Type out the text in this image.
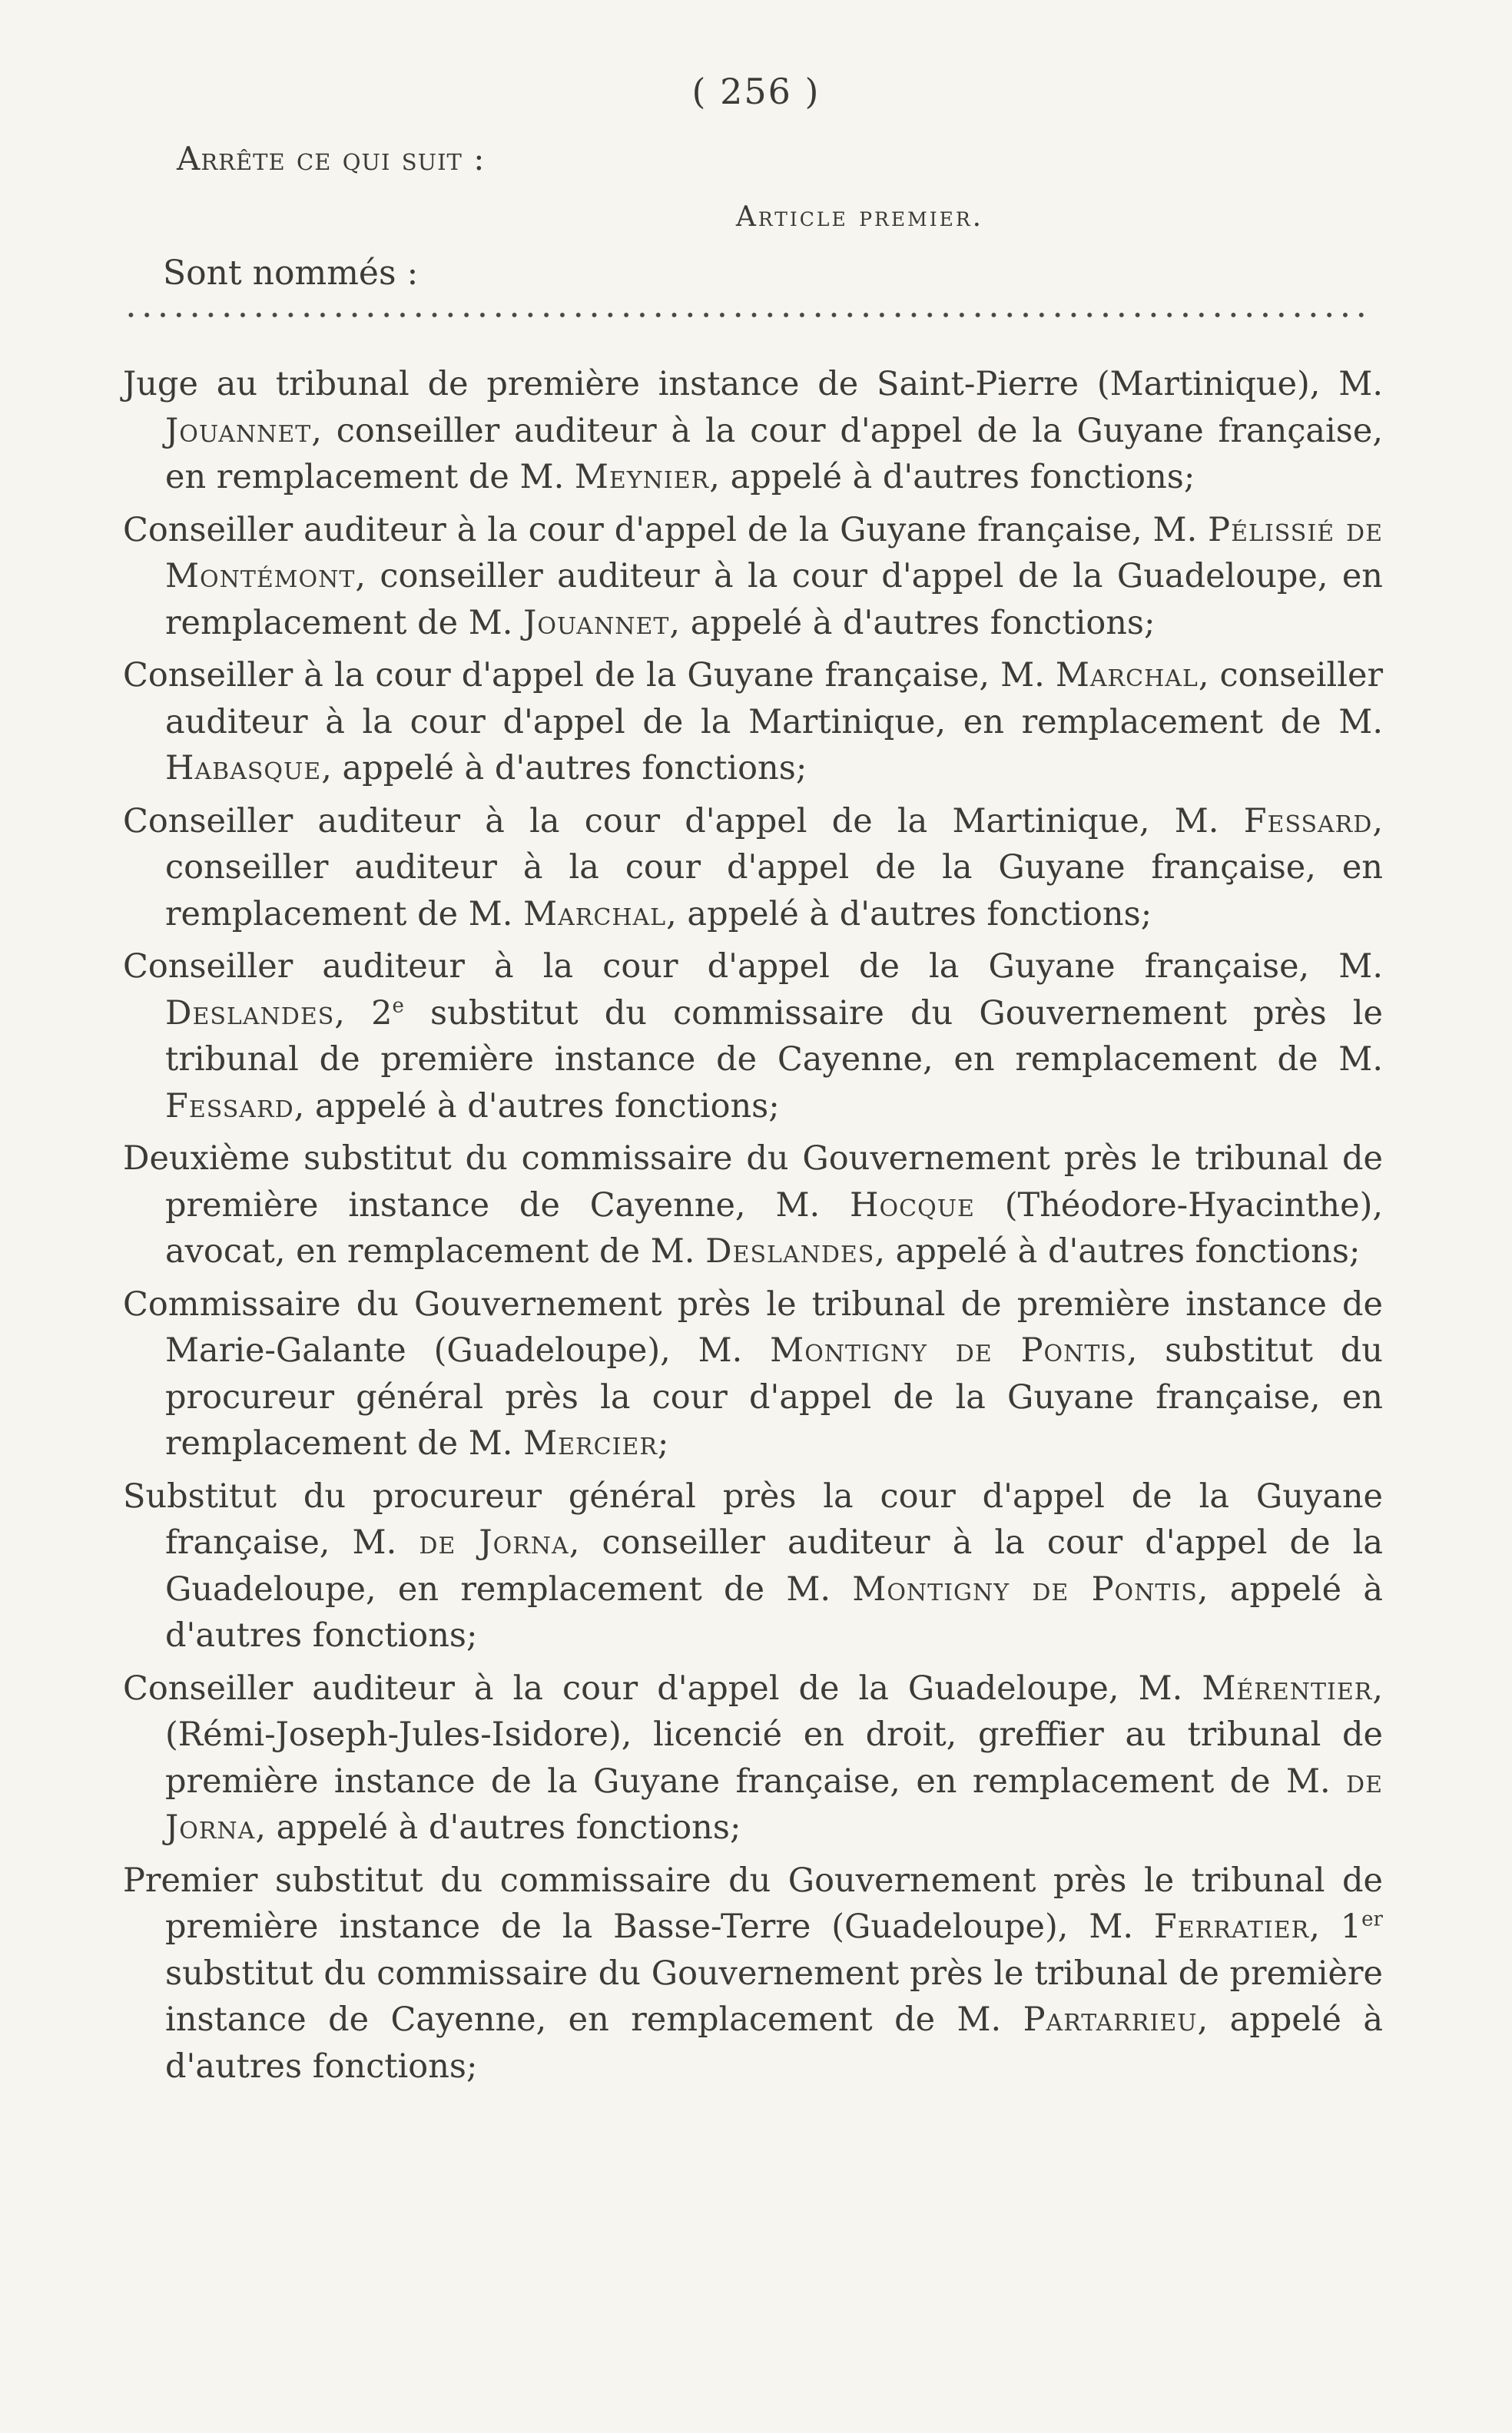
( 256 )
Arrête ce qui suit :
Article premier.
Sont nommés :

Juge au tribunal de première instance de Saint-Pierre (Martinique), M. Jouannet, conseiller auditeur à la cour d'appel de la Guyane française, en remplacement de M. Meynier, appelé à d'autres fonctions;

Conseiller auditeur à la cour d'appel de la Guyane française, M. Pélissié de Montémont, conseiller auditeur à la cour d'appel de la Guadeloupe, en remplacement de M. Jouannet, appelé à d'autres fonctions;

Conseiller à la cour d'appel de la Guyane française, M. Marchal, conseiller auditeur à la cour d'appel de la Martinique, en remplacement de M. Habasque, appelé à d'autres fonctions;

Conseiller auditeur à la cour d'appel de la Martinique, M. Fessard, conseiller auditeur à la cour d'appel de la Guyane française, en remplacement de M. Marchal, appelé à d'autres fonctions;

Conseiller auditeur à la cour d'appel de la Guyane française, M. Deslandes, 2e substitut du commissaire du Gouvernement près le tribunal de première instance de Cayenne, en remplacement de M. Fessard, appelé à d'autres fonctions;

Deuxième substitut du commissaire du Gouvernement près le tribunal de première instance de Cayenne, M. Hocque (Théodore-Hyacinthe), avocat, en remplacement de M. Deslandes, appelé à d'autres fonctions;

Commissaire du Gouvernement près le tribunal de première instance de Marie-Galante (Guadeloupe), M. Montigny de Pontis, substitut du procureur général près la cour d'appel de la Guyane française, en remplacement de M. Mercier;

Substitut du procureur général près la cour d'appel de la Guyane française, M. de Jorna, conseiller auditeur à la cour d'appel de la Guadeloupe, en remplacement de M. Montigny de Pontis, appelé à d'autres fonctions;

Conseiller auditeur à la cour d'appel de la Guadeloupe, M. Mérentier, (Rémi-Joseph-Jules-Isidore), licencié en droit, greffier au tribunal de première instance de la Guyane française, en remplacement de M. de Jorna, appelé à d'autres fonctions;

Premier substitut du commissaire du Gouvernement près le tribunal de première instance de la Basse-Terre (Guadeloupe), M. Ferratier, 1er substitut du commissaire du Gouvernement près le tribunal de première instance de Cayenne, en remplacement de M. Partarrieu, appelé à d'autres fonctions;
